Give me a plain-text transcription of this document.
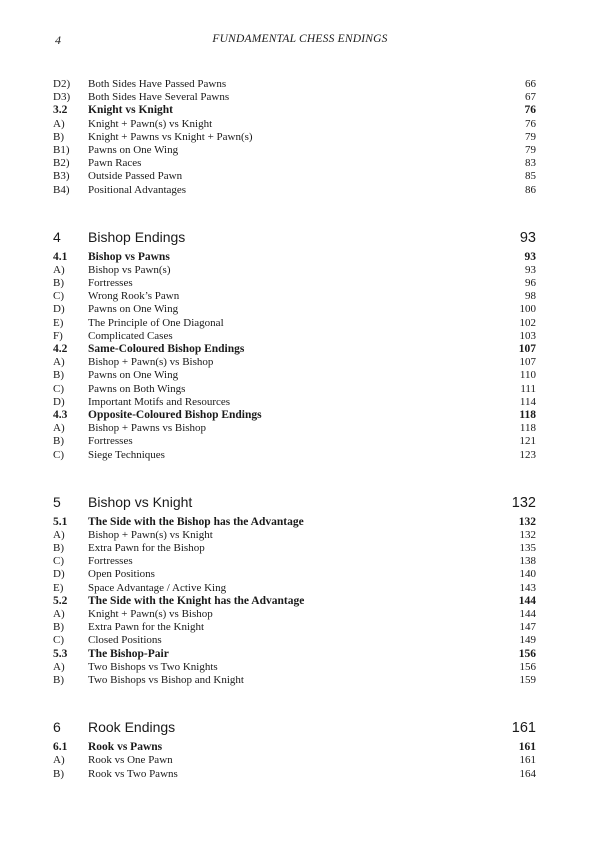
4	FUNDAMENTAL CHESS ENDINGS
D2)	Both Sides Have Passed Pawns	66
D3)	Both Sides Have Several Pawns	67
3.2	Knight vs Knight	76
A)	Knight + Pawn(s) vs Knight	76
B)	Knight + Pawns vs Knight + Pawn(s)	79
B1)	Pawns on One Wing	79
B2)	Pawn Races	83
B3)	Outside Passed Pawn	85
B4)	Positional Advantages	86
4	Bishop Endings	93
4.1	Bishop vs Pawns	93
A)	Bishop vs Pawn(s)	93
B)	Fortresses	96
C)	Wrong Rook’s Pawn	98
D)	Pawns on One Wing	100
E)	The Principle of One Diagonal	102
F)	Complicated Cases	103
4.2	Same-Coloured Bishop Endings	107
A)	Bishop + Pawn(s) vs Bishop	107
B)	Pawns on One Wing	110
C)	Pawns on Both Wings	111
D)	Important Motifs and Resources	114
4.3	Opposite-Coloured Bishop Endings	118
A)	Bishop + Pawns vs Bishop	118
B)	Fortresses	121
C)	Siege Techniques	123
5	Bishop vs Knight	132
5.1	The Side with the Bishop has the Advantage	132
A)	Bishop + Pawn(s) vs Knight	132
B)	Extra Pawn for the Bishop	135
C)	Fortresses	138
D)	Open Positions	140
E)	Space Advantage / Active King	143
5.2	The Side with the Knight has the Advantage	144
A)	Knight + Pawn(s) vs Bishop	144
B)	Extra Pawn for the Knight	147
C)	Closed Positions	149
5.3	The Bishop-Pair	156
A)	Two Bishops vs Two Knights	156
B)	Two Bishops vs Bishop and Knight	159
6	Rook Endings	161
6.1	Rook vs Pawns	161
A)	Rook vs One Pawn	161
B)	Rook vs Two Pawns	164
